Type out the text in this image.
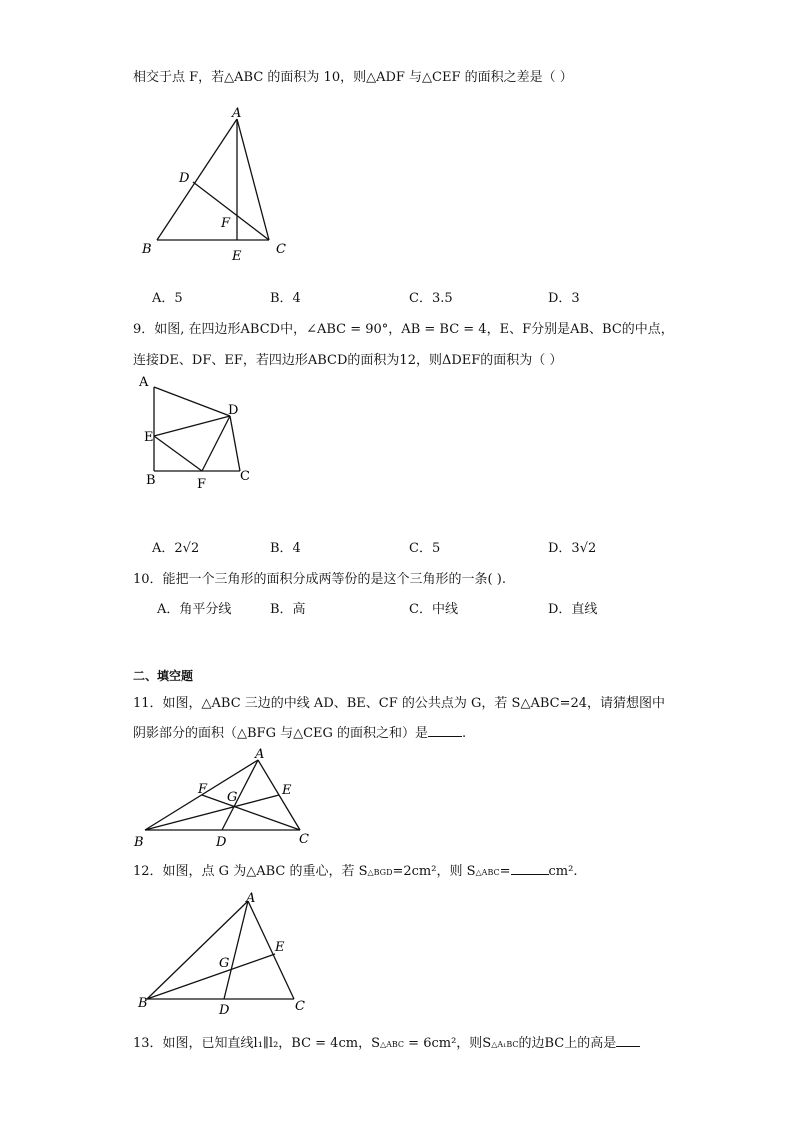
相交于点 F，若△ABC 的面积为 10，则△ADF 与△CEF 的面积之差是（ ）
A
B	C
D
E
F
A．5	B．4	C．3.5	D．3
9．如图, 在四边形ABCD中，∠ABC = 90°，AB = BC = 4，E、F分别是AB、BC的中点，
连接DE、DF、EF，若四边形ABCD的面积为12，则ΔDEF的面积为（ ）
A
B	C
D
E
F
A．2√2	B．4	C．5	D．3√2
10．能把一个三角形的面积分成两等份的是这个三角形的一条( ).
A．角平分线	B．高	C．中线	D．直线
二、填空题
11．如图，△ABC 三边的中线 AD、BE、CF 的公共点为 G，若 S△ABC=24，请猜想图中
阴影部分的面积（△BFG 与△CEG 的面积之和）是	.
A
B	C
D
E
F
G
12．如图，点 G 为△ABC 的重心，若 S△BGD=2cm²，则 S△ABC=	cm².
A
B	C
D
E
G
13．如图，已知直线l₁∥l₂，BC = 4cm，S△ABC = 6cm²，则S△A₁BC的边BC上的高是
